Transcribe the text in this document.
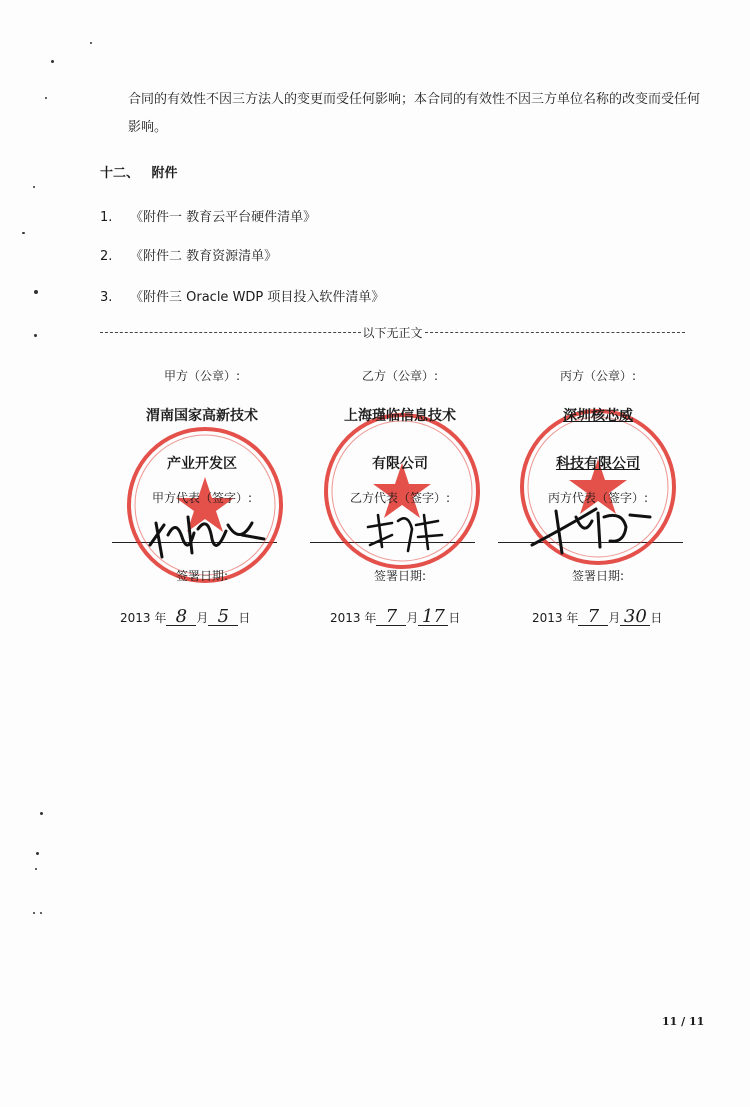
合同的有效性不因三方法人的变更而受任何影响；本合同的有效性不因三方单位名称的改变而受任何影响。
十二、 附件
1. 《附件一 教育云平台硬件清单》
2. 《附件二 教育资源清单》
3. 《附件三 Oracle WDP 项目投入软件清单》
以下无正文
甲方（公章）:
渭南国家高新技术
产业开发区
甲方代表（签字）:
签署日期:
2013 年 8 月 5 日
乙方（公章）:
上海瑾临信息技术
有限公司
乙方代表（签字）:
签署日期:
2013 年 7 月 17 日
丙方（公章）:
深圳核芯威
科技有限公司
丙方代表（签字）:
签署日期:
2013 年 7 月 30 日
11 / 11
